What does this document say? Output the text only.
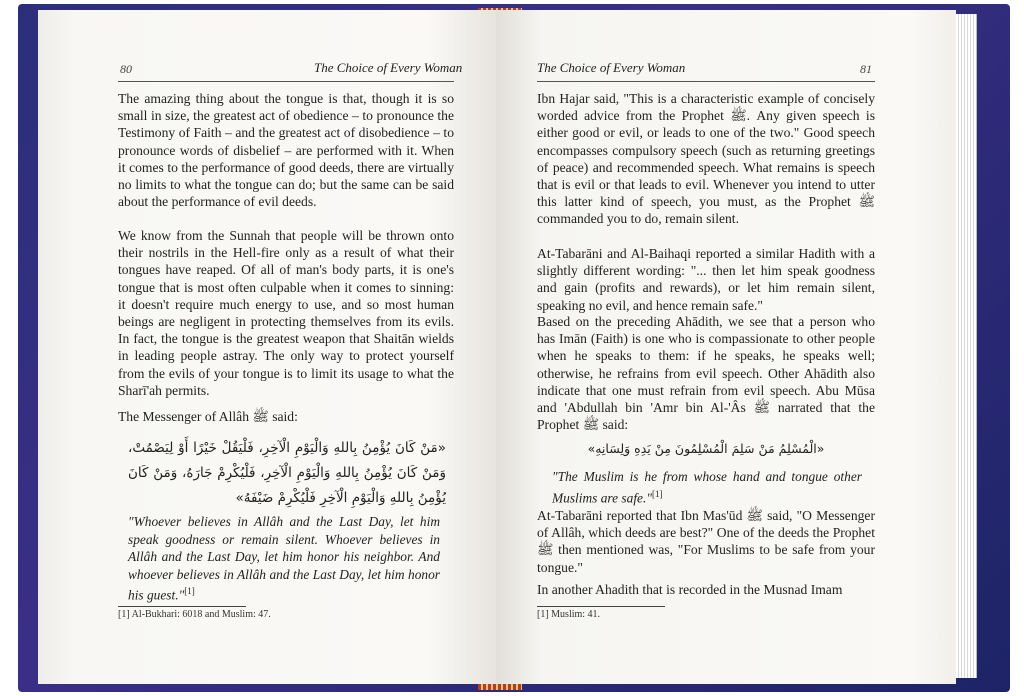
80	The Choice of Every Woman

The amazing thing about the tongue is that, though it is so small in size, the greatest act of obedience – to pronounce the Testimony of Faith – and the greatest act of disobedience – to pronounce words of disbelief – are performed with it. When it comes to the performance of good deeds, there are virtually no limits to what the tongue can do; but the same can be said about the performance of evil deeds.

We know from the Sunnah that people will be thrown onto their nostrils in the Hell-fire only as a result of what their tongues have reaped. Of all of man's body parts, it is one's tongue that is most often culpable when it comes to sinning: it doesn't require much energy to use, and so most human beings are negligent in protecting themselves from its evils. In fact, the tongue is the greatest weapon that Shaitān wields in leading people astray. The only way to protect yourself from the evils of your tongue is to limit its usage to what the Sharī'ah permits.

The Messenger of Allâh ﷺ said:

«مَنْ كَانَ يُؤْمِنُ بِاللهِ وَالْيَوْمِ الْآخِرِ، فَلْيَقُلْ خَيْرًا أَوْ لِيَصْمُتْ، وَمَنْ كَانَ يُؤْمِنُ بِاللهِ وَالْيَوْمِ الْآخِرِ، فَلْيُكْرِمْ جَارَهُ، وَمَنْ كَانَ يُؤْمِنُ بِاللهِ وَالْيَوْمِ الْآخِرِ فَلْيُكْرِمْ ضَيْفَهُ»

"Whoever believes in Allâh and the Last Day, let him speak goodness or remain silent. Whoever believes in Allâh and the Last Day, let him honor his neighbor. And whoever believes in Allâh and the Last Day, let him honor his guest."[1]

[1] Al-Bukhari: 6018 and Muslim: 47.

The Choice of Every Woman	81

Ibn Hajar said, "This is a characteristic example of concisely worded advice from the Prophet ﷺ. Any given speech is either good or evil, or leads to one of the two." Good speech encompasses compulsory speech (such as returning greetings of peace) and recommended speech. What remains is speech that is evil or that leads to evil. Whenever you intend to utter this latter kind of speech, you must, as the Prophet ﷺ commanded you to do, remain silent.

At-Tabarāni and Al-Baihaqi reported a similar Hadith with a slightly different wording: "... then let him speak goodness and gain (profits and rewards), or let him remain silent, speaking no evil, and hence remain safe."

Based on the preceding Ahādith, we see that a person who has Imān (Faith) is one who is compassionate to other people when he speaks to them: if he speaks, he speaks well; otherwise, he refrains from evil speech. Other Ahādith also indicate that one must refrain from evil speech. Abu Mūsa and 'Abdullah bin 'Amr bin Al-'Âs ﷺ narrated that the Prophet ﷺ said:

«الْمُسْلِمُ مَنْ سَلِمَ الْمُسْلِمُونَ مِنْ يَدِهِ وَلِسَانِهِ»

"The Muslim is he from whose hand and tongue other Muslims are safe."[1]

At-Tabarāni reported that Ibn Mas'ūd ﷺ said, "O Messenger of Allâh, which deeds are best?" One of the deeds the Prophet ﷺ then mentioned was, "For Muslims to be safe from your tongue."

In another Ahadith that is recorded in the Musnad Imam

[1] Muslim: 41.
